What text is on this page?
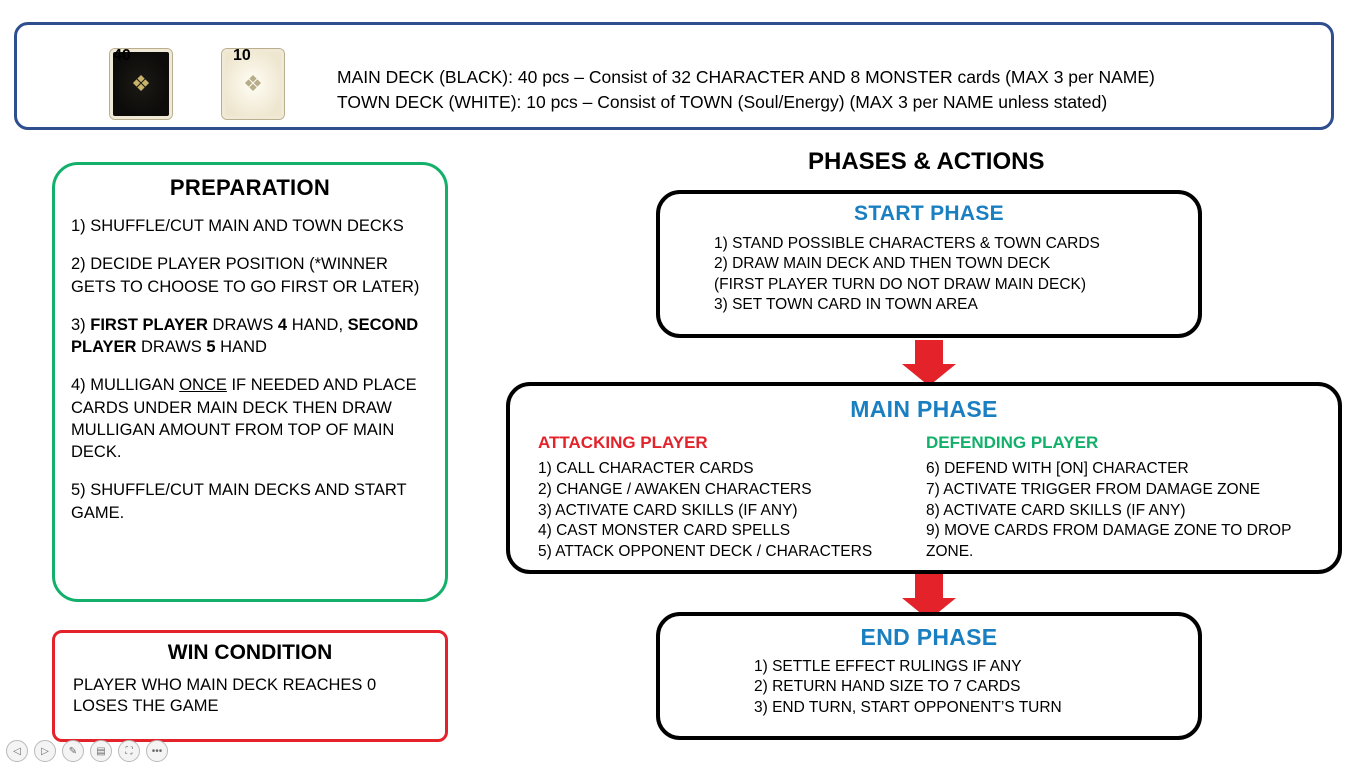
❖
40
❖
10
MAIN DECK (BLACK): 40 pcs – Consist of 32 CHARACTER AND 8 MONSTER cards (MAX 3 per NAME)
TOWN DECK (WHITE): 10 pcs – Consist of TOWN (Soul/Energy) (MAX 3 per NAME unless stated)
PREPARATION
1) SHUFFLE/CUT MAIN AND TOWN DECKS
2) DECIDE PLAYER POSITION (*WINNER GETS TO CHOOSE TO GO FIRST OR LATER)
3) FIRST PLAYER DRAWS 4 HAND, SECOND PLAYER DRAWS 5 HAND
4) MULLIGAN ONCE IF NEEDED AND PLACE CARDS UNDER MAIN DECK THEN DRAW MULLIGAN AMOUNT FROM TOP OF MAIN DECK.
5) SHUFFLE/CUT MAIN DECKS AND START GAME.
WIN CONDITION
PLAYER WHO MAIN DECK REACHES 0 LOSES THE GAME
PHASES & ACTIONS
START PHASE
1) STAND POSSIBLE CHARACTERS & TOWN CARDS
2) DRAW MAIN DECK AND THEN TOWN DECK
(FIRST PLAYER TURN DO NOT DRAW MAIN DECK)
3) SET TOWN CARD IN TOWN AREA
MAIN PHASE
ATTACKING PLAYER
1) CALL CHARACTER CARDS
2) CHANGE / AWAKEN CHARACTERS
3) ACTIVATE CARD SKILLS (IF ANY)
4) CAST MONSTER CARD SPELLS
5) ATTACK OPPONENT DECK / CHARACTERS
DEFENDING PLAYER
6) DEFEND WITH [ON] CHARACTER
7) ACTIVATE TRIGGER FROM DAMAGE ZONE
8) ACTIVATE CARD SKILLS (IF ANY)
9) MOVE CARDS FROM DAMAGE ZONE TO DROP ZONE.
END PHASE
1) SETTLE EFFECT RULINGS IF ANY
2) RETURN HAND SIZE TO 7 CARDS
3) END TURN, START OPPONENT’S TURN
◁	▷	✎	▤	⛶	•••
